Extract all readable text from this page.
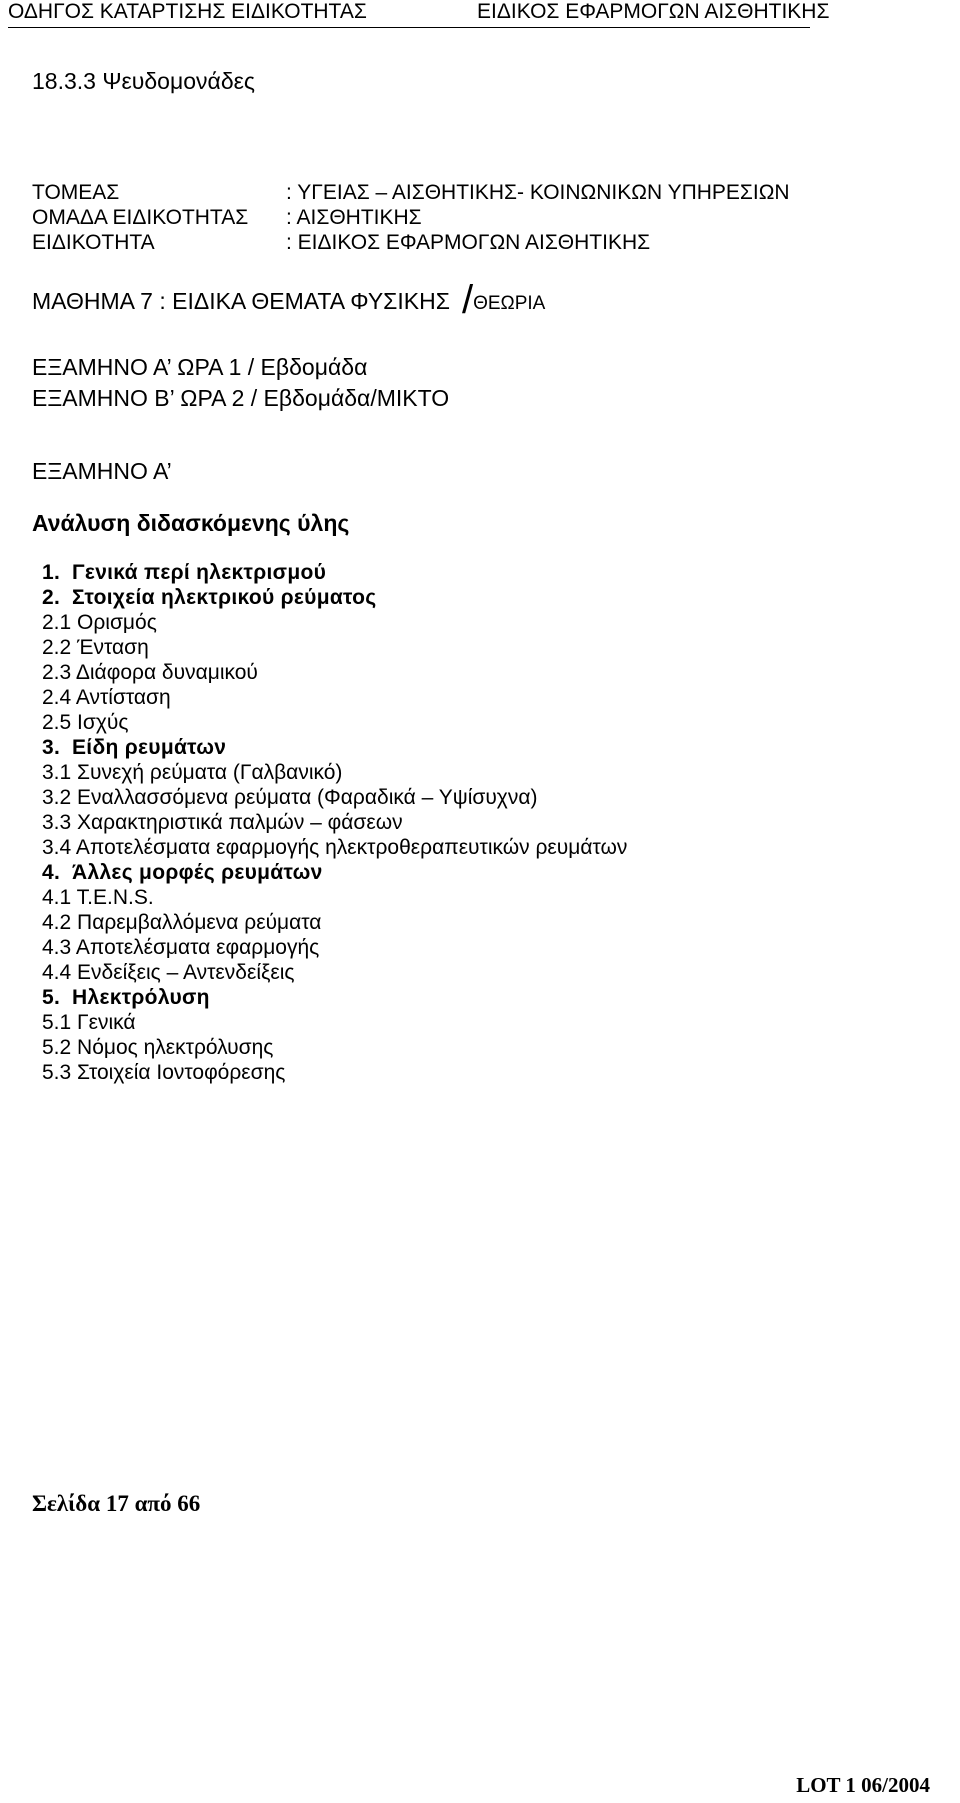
ΟΔΗΓΟΣ ΚΑΤΑΡΤΙΣΗΣ ΕΙΔΙΚΟΤΗΤΑΣ	ΕΙΔΙΚΟΣ ΕΦΑΡΜΟΓΩΝ ΑΙΣΘΗΤΙΚΗΣ
18.3.3 Ψευδομονάδες
ΤΟΜΕΑΣ
ΟΜΑΔΑ ΕΙΔΙΚΟΤΗΤΑΣ
ΕΙΔΙΚΟΤΗΤΑ
: ΥΓΕΙΑΣ – ΑΙΣΘΗΤΙΚΗΣ- ΚΟΙΝΩΝΙΚΩΝ ΥΠΗΡΕΣΙΩΝ
: ΑΙΣΘΗΤΙΚΗΣ
: ΕΙΔΙΚΟΣ ΕΦΑΡΜΟΓΩΝ ΑΙΣΘΗΤΙΚΗΣ
ΜΑΘΗΜΑ 7 : ΕΙΔΙΚΑ ΘΕΜΑΤΑ ΦΥΣΙΚΗΣ /ΘΕΩΡΙΑ
ΕΞΑΜΗΝΟ Α’ ΩΡΑ 1 / Εβδομάδα
ΕΞΑΜΗΝΟ Β’ ΩΡΑ 2 / Εβδομάδα/ΜΙΚΤΟ
ΕΞΑΜΗΝΟ Α’
Ανάλυση διδασκόμενης ύλης
1. Γενικά περί ηλεκτρισμού
2. Στοιχεία ηλεκτρικού ρεύματος
2.1 Ορισμός
2.2 Ένταση
2.3 Διάφορα δυναμικού
2.4 Αντίσταση
2.5 Ισχύς
3. Είδη ρευμάτων
3.1 Συνεχή ρεύματα (Γαλβανικό)
3.2 Εναλλασσόμενα ρεύματα (Φαραδικά – Υψίσυχνα)
3.3 Χαρακτηριστικά παλμών – φάσεων
3.4 Αποτελέσματα εφαρμογής ηλεκτροθεραπευτικών ρευμάτων
4. Άλλες μορφές ρευμάτων
4.1 T.E.N.S.
4.2 Παρεμβαλλόμενα ρεύματα
4.3 Αποτελέσματα εφαρμογής
4.4 Ενδείξεις – Αντενδείξεις
5. Ηλεκτρόλυση
5.1 Γενικά
5.2 Νόμος ηλεκτρόλυσης
5.3 Στοιχεία Ιοντοφόρεσης
Σελίδα 17 από 66
LOT 1 06/2004
